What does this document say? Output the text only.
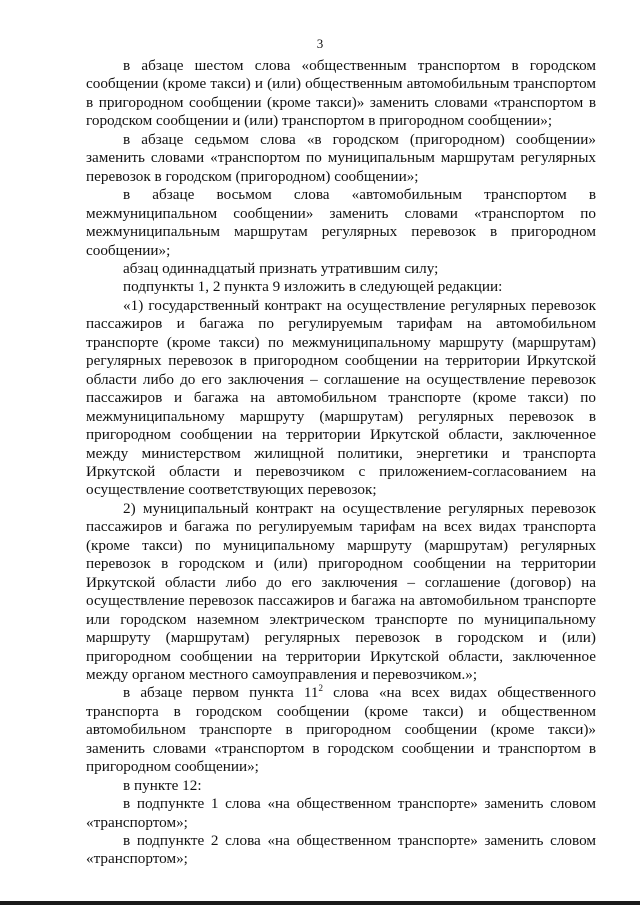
3

в абзаце шестом слова «общественным транспортом в городском сообщении (кроме такси) и (или) общественным автомобильным транспортом в пригородном сообщении (кроме такси)» заменить словами «транспортом в городском сообщении и (или) транспортом в пригородном сообщении»;

в абзаце седьмом слова «в городском (пригородном) сообщении» заменить словами «транспортом по муниципальным маршрутам регулярных перевозок в городском (пригородном) сообщении»;

в абзаце восьмом слова «автомобильным транспортом в межмуниципальном сообщении» заменить словами «транспортом по межмуниципальным маршрутам регулярных перевозок в пригородном сообщении»;

абзац одиннадцатый признать утратившим силу;

подпункты 1, 2 пункта 9 изложить в следующей редакции:

«1) государственный контракт на осуществление регулярных перевозок пассажиров и багажа по регулируемым тарифам на автомобильном транспорте (кроме такси) по межмуниципальному маршруту (маршрутам) регулярных перевозок в пригородном сообщении на территории Иркутской области либо до его заключения – соглашение на осуществление перевозок пассажиров и багажа на автомобильном транспорте (кроме такси) по межмуниципальному маршруту (маршрутам) регулярных перевозок в пригородном сообщении на территории Иркутской области, заключенное между министерством жилищной политики, энергетики и транспорта Иркутской области и перевозчиком с приложением-согласованием на осуществление соответствующих перевозок;

2) муниципальный контракт на осуществление регулярных перевозок пассажиров и багажа по регулируемым тарифам на всех видах транспорта (кроме такси) по муниципальному маршруту (маршрутам) регулярных перевозок в городском и (или) пригородном сообщении на территории Иркутской области либо до его заключения – соглашение (договор) на осуществление перевозок пассажиров и багажа на автомобильном транспорте или городском наземном электрическом транспорте по муниципальному маршруту (маршрутам) регулярных перевозок в городском и (или) пригородном сообщении на территории Иркутской области, заключенное между органом местного самоуправления и перевозчиком.»;

в абзаце первом пункта $11^2$ слова «на всех видах общественного транспорта в городском сообщении (кроме такси) и общественном автомобильном транспорте в пригородном сообщении (кроме такси)» заменить словами «транспортом в городском сообщении и транспортом в пригородном сообщении»;

в пункте 12:

в подпункте 1 слова «на общественном транспорте» заменить словом «транспортом»;

в подпункте 2 слова «на общественном транспорте» заменить словом «транспортом»;
